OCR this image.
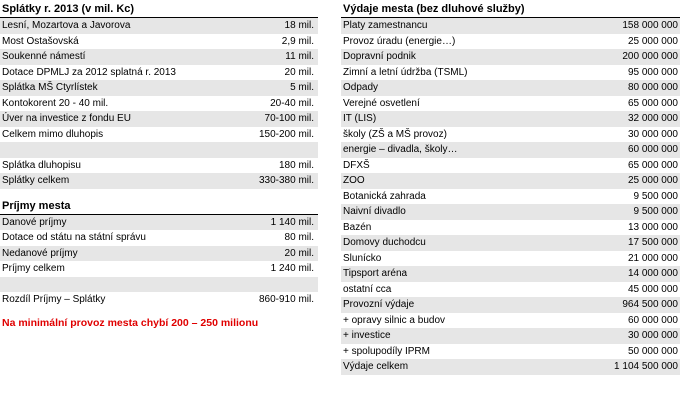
Splátky r. 2013 (v mil. Kc)
Lesní, Mozartova a Javorova	18 mil.
Most Ostašovská	2,9 mil.
Soukenné námestí	11 mil.
Dotace DPMLJ za 2012 splatná r. 2013	20 mil.
Splátka MŠ Ctyrlístek	5 mil.
Kontokorent 20 - 40 mil.	20-40 mil.
Úver na investice z fondu EU	70-100 mil.
Celkem mimo dluhopis	150-200 mil.
Splátka dluhopisu	180 mil.
Splátky celkem	330-380 mil.
Príjmy mesta
Danové príjmy	1 140 mil.
Dotace od státu na státní správu	80 mil.
Nedanové príjmy	20 mil.
Príjmy celkem	1 240 mil.
Rozdíl Príjmy – Splátky	860-910 mil.
Na minimální provoz mesta chybí 200 – 250 milionu
Výdaje mesta (bez dluhové služby)
Platy zamestnancu	158 000 000
Provoz úradu (energie…)	25 000 000
Dopravní podnik	200 000 000
Zimní a letní údržba (TSML)	95 000 000
Odpady	80 000 000
Verejné osvetlení	65 000 000
IT (LIS)	32 000 000
školy (ZŠ a MŠ provoz)	30 000 000
energie – divadla, školy…	60 000 000
DFXŠ	65 000 000
ZOO	25 000 000
Botanická zahrada	9 500 000
Naivní divadlo	9 500 000
Bazén	13 000 000
Domovy duchodcu	17 500 000
Slunícko	21 000 000
Tipsport aréna	14 000 000
ostatní cca	45 000 000
Provozní výdaje	964 500 000
+ opravy silnic a budov	60 000 000
+ investice	30 000 000
+ spolupodíly IPRM	50 000 000
Výdaje celkem	1 104 500 000
